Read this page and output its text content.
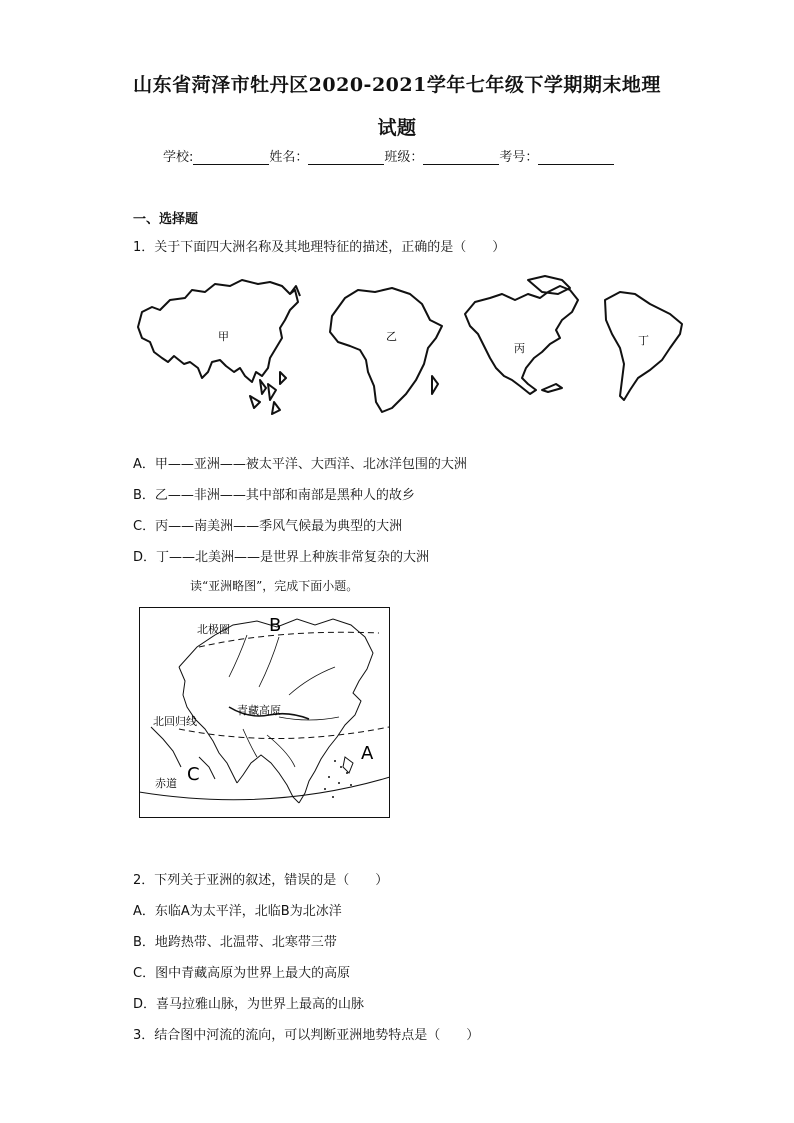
山东省菏泽市牡丹区2020-2021学年七年级下学期期末地理
试题
学校:	姓名：	班级：	考号：
一、选择题
1．关于下面四大洲名称及其地理特征的描述，正确的是（　　）
甲	乙
丙
丁
A．甲——亚洲——被太平洋、大西洋、北冰洋包围的大洲
B．乙——非洲——其中部和南部是黑种人的故乡
C．丙——南美洲——季风气候最为典型的大洲
D．丁——北美洲——是世界上种族非常复杂的大洲
读“亚洲略图”，完成下面小题。
B
北极圈
青藏高原
北回归线
A
C
赤道
2．下列关于亚洲的叙述，错误的是（　　）
A．东临A为太平洋，北临B为北冰洋
B．地跨热带、北温带、北寒带三带
C．图中青藏高原为世界上最大的高原
D．喜马拉雅山脉，为世界上最高的山脉
3．结合图中河流的流向，可以判断亚洲地势特点是（　　）
